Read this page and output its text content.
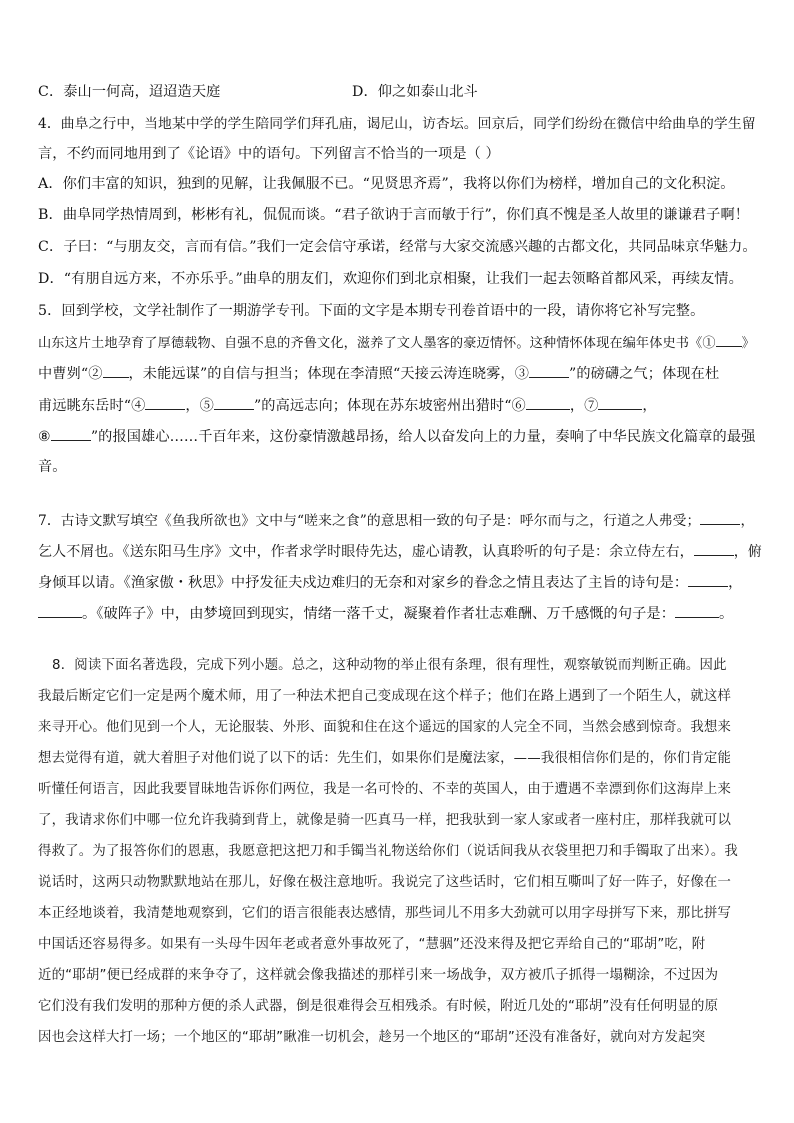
C．泰山一何高，迢迢造天庭	D．仰之如泰山北斗
4．曲阜之行中，当地某中学的学生陪同学们拜孔庙，谒尼山，访杏坛。回京后，同学们纷纷在微信中给曲阜的学生留
言，不约而同地用到了《论语》中的语句。下列留言不恰当的一项是（ ）
A．你们丰富的知识，独到的见解，让我佩服不已。“见贤思齐焉”，我将以你们为榜样，增加自己的文化积淀。
B．曲阜同学热情周到，彬彬有礼，侃侃而谈。“君子欲讷于言而敏于行”，你们真不愧是圣人故里的谦谦君子啊！
C．子曰：“与朋友交，言而有信。”我们一定会信守承诺，经常与大家交流感兴趣的古都文化，共同品味京华魅力。
D．“有朋自远方来，不亦乐乎。”曲阜的朋友们，欢迎你们到北京相聚，让我们一起去领略首都风采，再续友情。
5．回到学校，文学社制作了一期游学专刊。下面的文字是本期专刊卷首语中的一段，请你将它补写完整。
山东这片土地孕育了厚德载物、自强不息的齐鲁文化，滋养了文人墨客的豪迈情怀。这种情怀体现在编年体史书《① 》
中曹刿“② ，未能远谋”的自信与担当；体现在李清照“天接云涛连晓雾，③	”的磅礴之气；体现在杜
甫远眺东岳时“④	，⑤	”的高远志向；体现在苏东坡密州出猎时“⑥	，⑦	，
⑧	”的报国雄心……千百年来，这份豪情激越昂扬，给人以奋发向上的力量，奏响了中华民族文化篇章的最强
音。
7．古诗文默写填空《鱼我所欲也》文中与“嗟来之食”的意思相一致的句子是：呼尔而与之，行道之人弗受；	，
乞人不屑也。《送东阳马生序》文中，作者求学时眼侍先达，虚心请教，认真聆听的句子是：余立侍左右，	，俯
身倾耳以请。《渔家傲・秋思》中抒发征夫戍边难归的无奈和对家乡的眷念之情且表达了主旨的诗句是：	，
。《破阵子》中，由梦境回到现实，情绪一落千丈，凝聚着作者壮志难酬、万千感慨的句子是：	。
8．阅读下面名著选段，完成下列小题。总之，这种动物的举止很有条理，很有理性，观察敏锐而判断正确。因此
我最后断定它们一定是两个魔术师，用了一种法术把自己变成现在这个样子；他们在路上遇到了一个陌生人，就这样
来寻开心。他们见到一个人，无论服装、外形、面貌和住在这个遥远的国家的人完全不同，当然会感到惊奇。我想来
想去觉得有道，就大着胆子对他们说了以下的话：先生们，如果你们是魔法家，——我很相信你们是的，你们肯定能
听懂任何语言，因此我要冒昧地告诉你们两位，我是一名可怜的、不幸的英国人，由于遭遇不幸漂到你们这海岸上来
了，我请求你们中哪一位允许我骑到背上，就像是骑一匹真马一样，把我驮到一家人家或者一座村庄，那样我就可以
得救了。为了报答你们的恩惠，我愿意把这把刀和手镯当礼物送给你们（说话间我从衣袋里把刀和手镯取了出来）。我
说话时，这两只动物默默地站在那儿，好像在极注意地听。我说完了这些话时，它们相互嘶叫了好一阵子，好像在一
本正经地谈着，我清楚地观察到，它们的语言很能表达感情，那些词儿不用多大劲就可以用字母拼写下来，那比拼写
中国话还容易得多。如果有一头母牛因年老或者意外事故死了，“慧骃”还没来得及把它弄给自己的“耶胡”吃，附
近的“耶胡”便已经成群的来争夺了，这样就会像我描述的那样引来一场战争，双方被爪子抓得一塌糊涂，不过因为
它们没有我们发明的那种方便的杀人武器，倒是很难得会互相残杀。有时候，附近几处的“耶胡”没有任何明显的原
因也会这样大打一场；一个地区的“耶胡”瞅准一切机会，趁另一个地区的“耶胡”还没有准备好，就向对方发起突
